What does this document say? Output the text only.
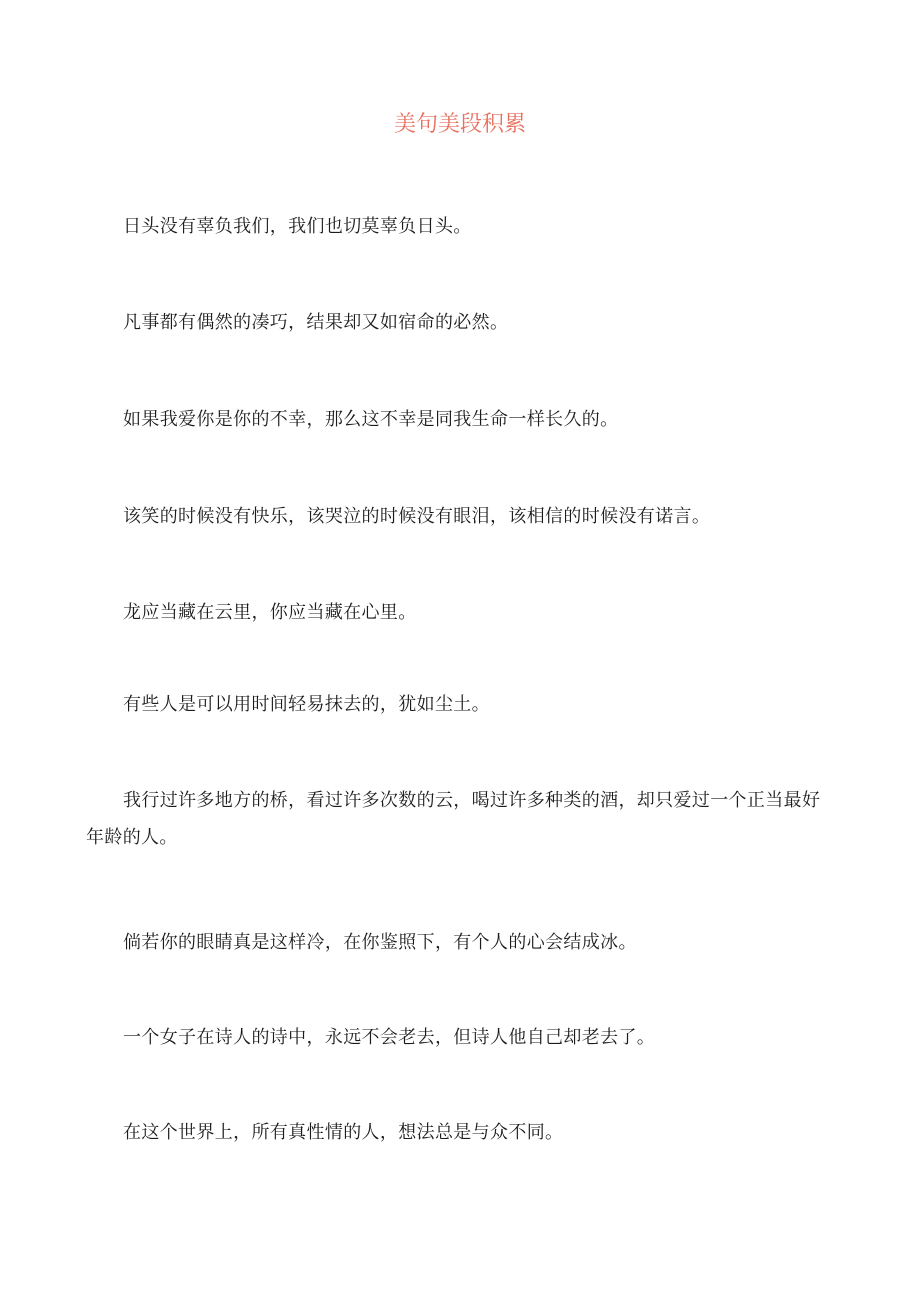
美句美段积累

日头没有辜负我们，我们也切莫辜负日头。

凡事都有偶然的凑巧，结果却又如宿命的必然。

如果我爱你是你的不幸，那么这不幸是同我生命一样长久的。

该笑的时候没有快乐，该哭泣的时候没有眼泪，该相信的时候没有诺言。

龙应当藏在云里，你应当藏在心里。

有些人是可以用时间轻易抹去的，犹如尘土。

我行过许多地方的桥，看过许多次数的云，喝过许多种类的酒，却只爱过一个正当最好年龄的人。

倘若你的眼睛真是这样冷，在你鉴照下，有个人的心会结成冰。

一个女子在诗人的诗中，永远不会老去，但诗人他自己却老去了。

在这个世界上，所有真性情的人，想法总是与众不同。
